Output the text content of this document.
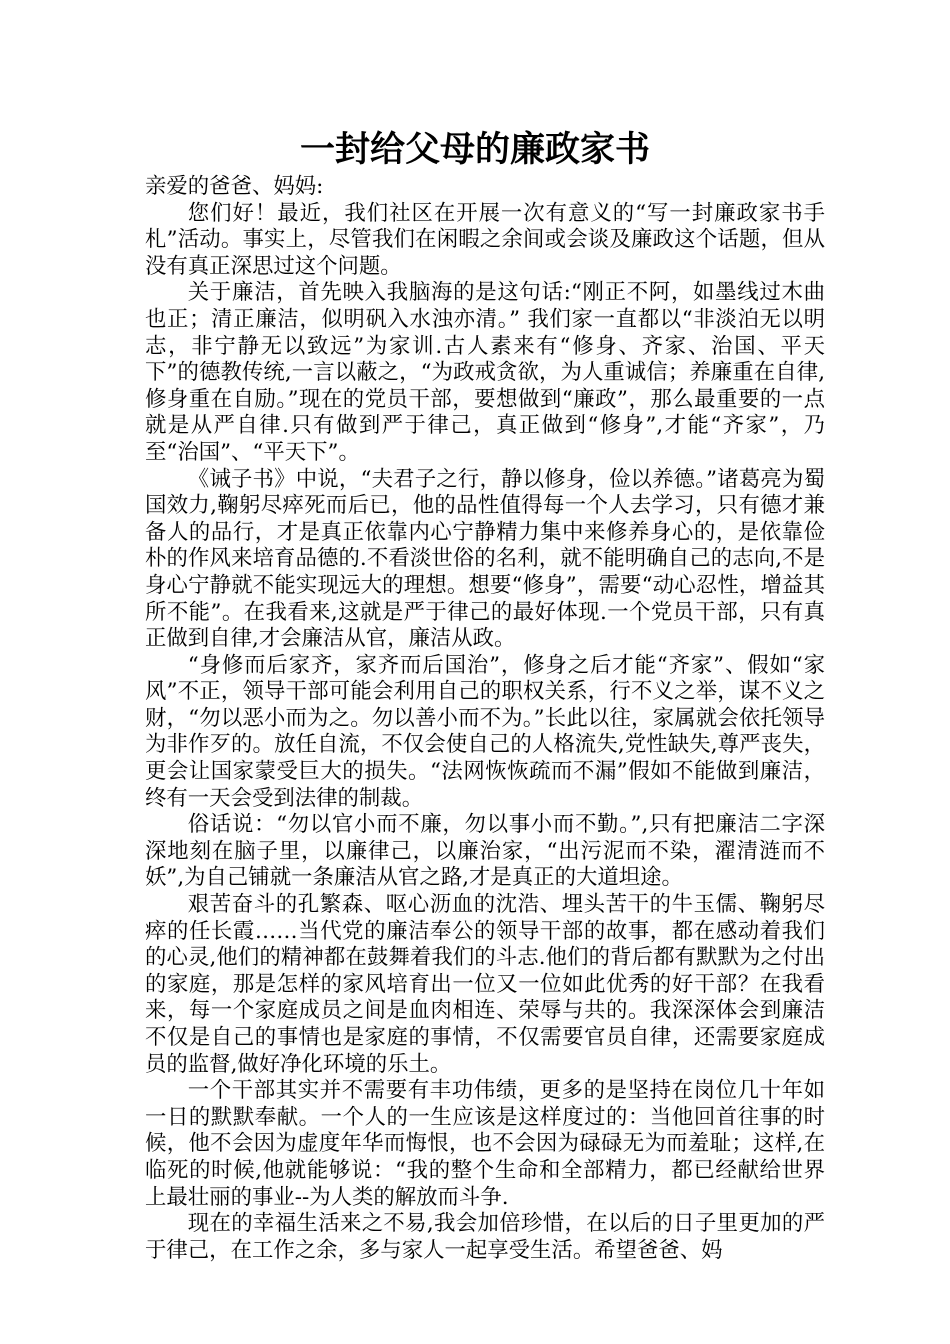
一封给父母的廉政家书

亲爱的爸爸、妈妈:

您们好！最近，我们社区在开展一次有意义的“写一封廉政家书手札”活动。事实上，尽管我们在闲暇之余间或会谈及廉政这个话题，但从没有真正深思过这个问题。

关于廉洁，首先映入我脑海的是这句话:“刚正不阿，如墨线过木曲也正；清正廉洁，似明矾入水浊亦清。” 我们家一直都以“非淡泊无以明志，非宁静无以致远”为家训.古人素来有“修身、齐家、治国、平天下”的德教传统,一言以蔽之，“为政戒贪欲，为人重诚信；养廉重在自律,修身重在自励。”现在的党员干部，要想做到“廉政”，那么最重要的一点就是从严自律.只有做到严于律己，真正做到“修身”,才能“齐家”，乃至“治国”、“平天下”。

《诫子书》中说，“夫君子之行，静以修身，俭以养德。”诸葛亮为蜀国效力,鞠躬尽瘁死而后已，他的品性值得每一个人去学习，只有德才兼备人的品行，才是真正依靠内心宁静精力集中来修养身心的，是依靠俭朴的作风来培育品德的.不看淡世俗的名利，就不能明确自己的志向,不是身心宁静就不能实现远大的理想。想要“修身”，需要“动心忍性，增益其所不能”。在我看来,这就是严于律己的最好体现.一个党员干部，只有真正做到自律,才会廉洁从官，廉洁从政。

“身修而后家齐，家齐而后国治”，修身之后才能“齐家”、假如“家风”不正，领导干部可能会利用自己的职权关系，行不义之举，谋不义之财，“勿以恶小而为之。勿以善小而不为。”长此以往，家属就会依托领导为非作歹的。放任自流，不仅会使自己的人格流失,党性缺失,尊严丧失，更会让国家蒙受巨大的损失。“法网恢恢疏而不漏”假如不能做到廉洁，终有一天会受到法律的制裁。

俗话说：“勿以官小而不廉，勿以事小而不勤。”,只有把廉洁二字深深地刻在脑子里，以廉律己，以廉治家，“出污泥而不染，濯清涟而不妖”,为自己铺就一条廉洁从官之路,才是真正的大道坦途。

艰苦奋斗的孔繁森、呕心沥血的沈浩、埋头苦干的牛玉儒、鞠躬尽瘁的任长霞……当代党的廉洁奉公的领导干部的故事，都在感动着我们的心灵,他们的精神都在鼓舞着我们的斗志.他们的背后都有默默为之付出的家庭，那是怎样的家风培育出一位又一位如此优秀的好干部？在我看来，每一个家庭成员之间是血肉相连、荣辱与共的。我深深体会到廉洁不仅是自己的事情也是家庭的事情，不仅需要官员自律，还需要家庭成员的监督,做好净化环境的乐土。

一个干部其实并不需要有丰功伟绩，更多的是坚持在岗位几十年如一日的默默奉献。一个人的一生应该是这样度过的：当他回首往事的时候，他不会因为虚度年华而悔恨，也不会因为碌碌无为而羞耻；这样,在临死的时候,他就能够说：“我的整个生命和全部精力，都已经献给世界上最壮丽的事业--为人类的解放而斗争.

现在的幸福生活来之不易,我会加倍珍惜，在以后的日子里更加的严于律己，在工作之余，多与家人一起享受生活。希望爸爸、妈
